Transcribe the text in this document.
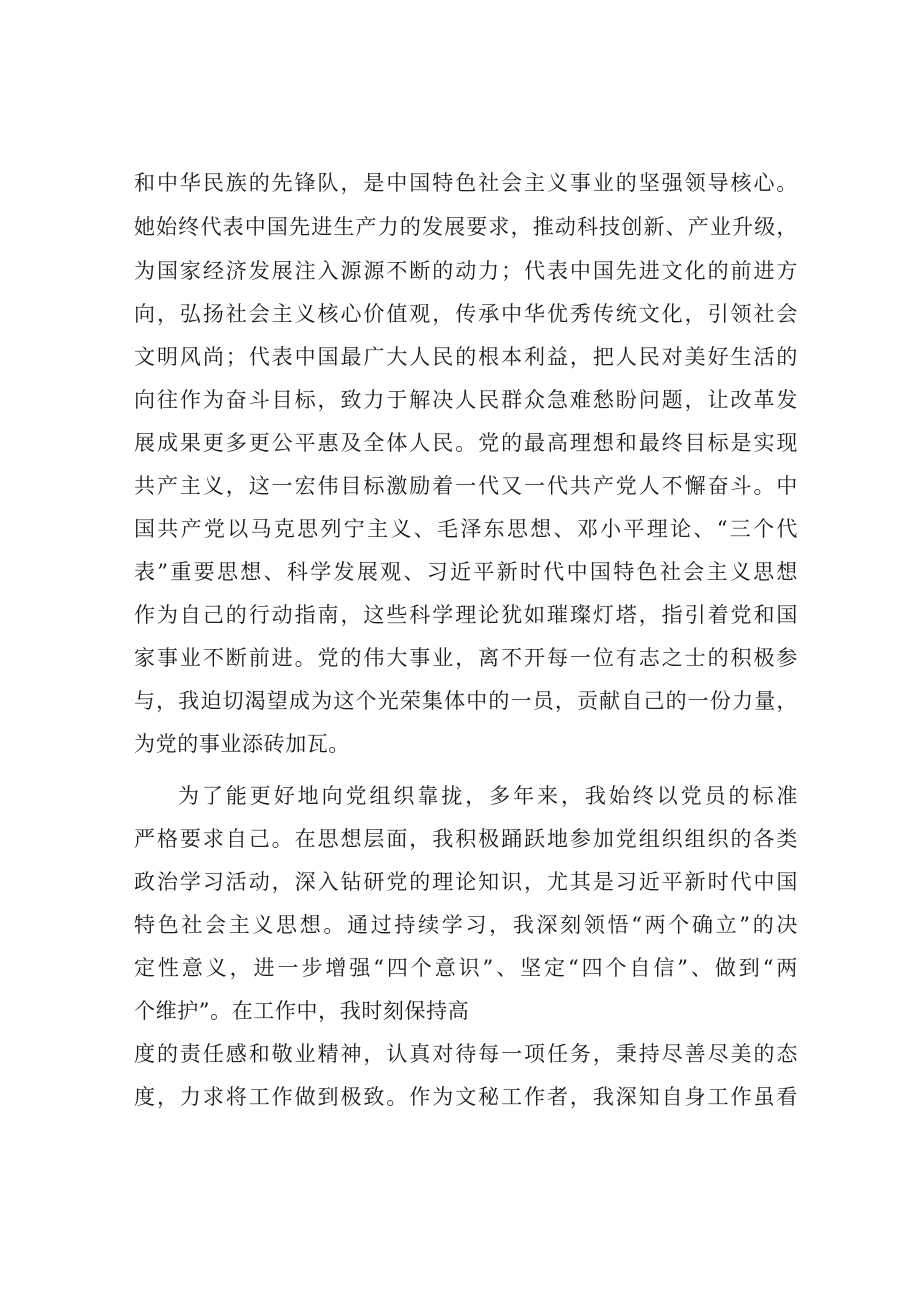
和中华民族的先锋队，是中国特色社会主义事业的坚强领导核心。
她始终代表中国先进生产力的发展要求，推动科技创新、产业升级，
为国家经济发展注入源源不断的动力；代表中国先进文化的前进方
向，弘扬社会主义核心价值观，传承中华优秀传统文化，引领社会
文明风尚；代表中国最广大人民的根本利益，把人民对美好生活的
向往作为奋斗目标，致力于解决人民群众急难愁盼问题，让改革发
展成果更多更公平惠及全体人民。党的最高理想和最终目标是实现
共产主义，这一宏伟目标激励着一代又一代共产党人不懈奋斗。中
国共产党以马克思列宁主义、毛泽东思想、邓小平理论、“三个代
表”重要思想、科学发展观、习近平新时代中国特色社会主义思想
作为自己的行动指南，这些科学理论犹如璀璨灯塔，指引着党和国
家事业不断前进。党的伟大事业，离不开每一位有志之士的积极参
与，我迫切渴望成为这个光荣集体中的一员，贡献自己的一份力量，
为党的事业添砖加瓦。
为了能更好地向党组织靠拢，多年来，我始终以党员的标准
严格要求自己。在思想层面，我积极踊跃地参加党组织组织的各类
政治学习活动，深入钻研党的理论知识，尤其是习近平新时代中国
特色社会主义思想。通过持续学习，我深刻领悟“两个确立”的决
定性意义，进一步增强“四个意识”、坚定“四个自信”、做到“两
个维护”。在工作中，我时刻保持高
度的责任感和敬业精神，认真对待每一项任务，秉持尽善尽美的态
度，力求将工作做到极致。作为文秘工作者，我深知自身工作虽看
